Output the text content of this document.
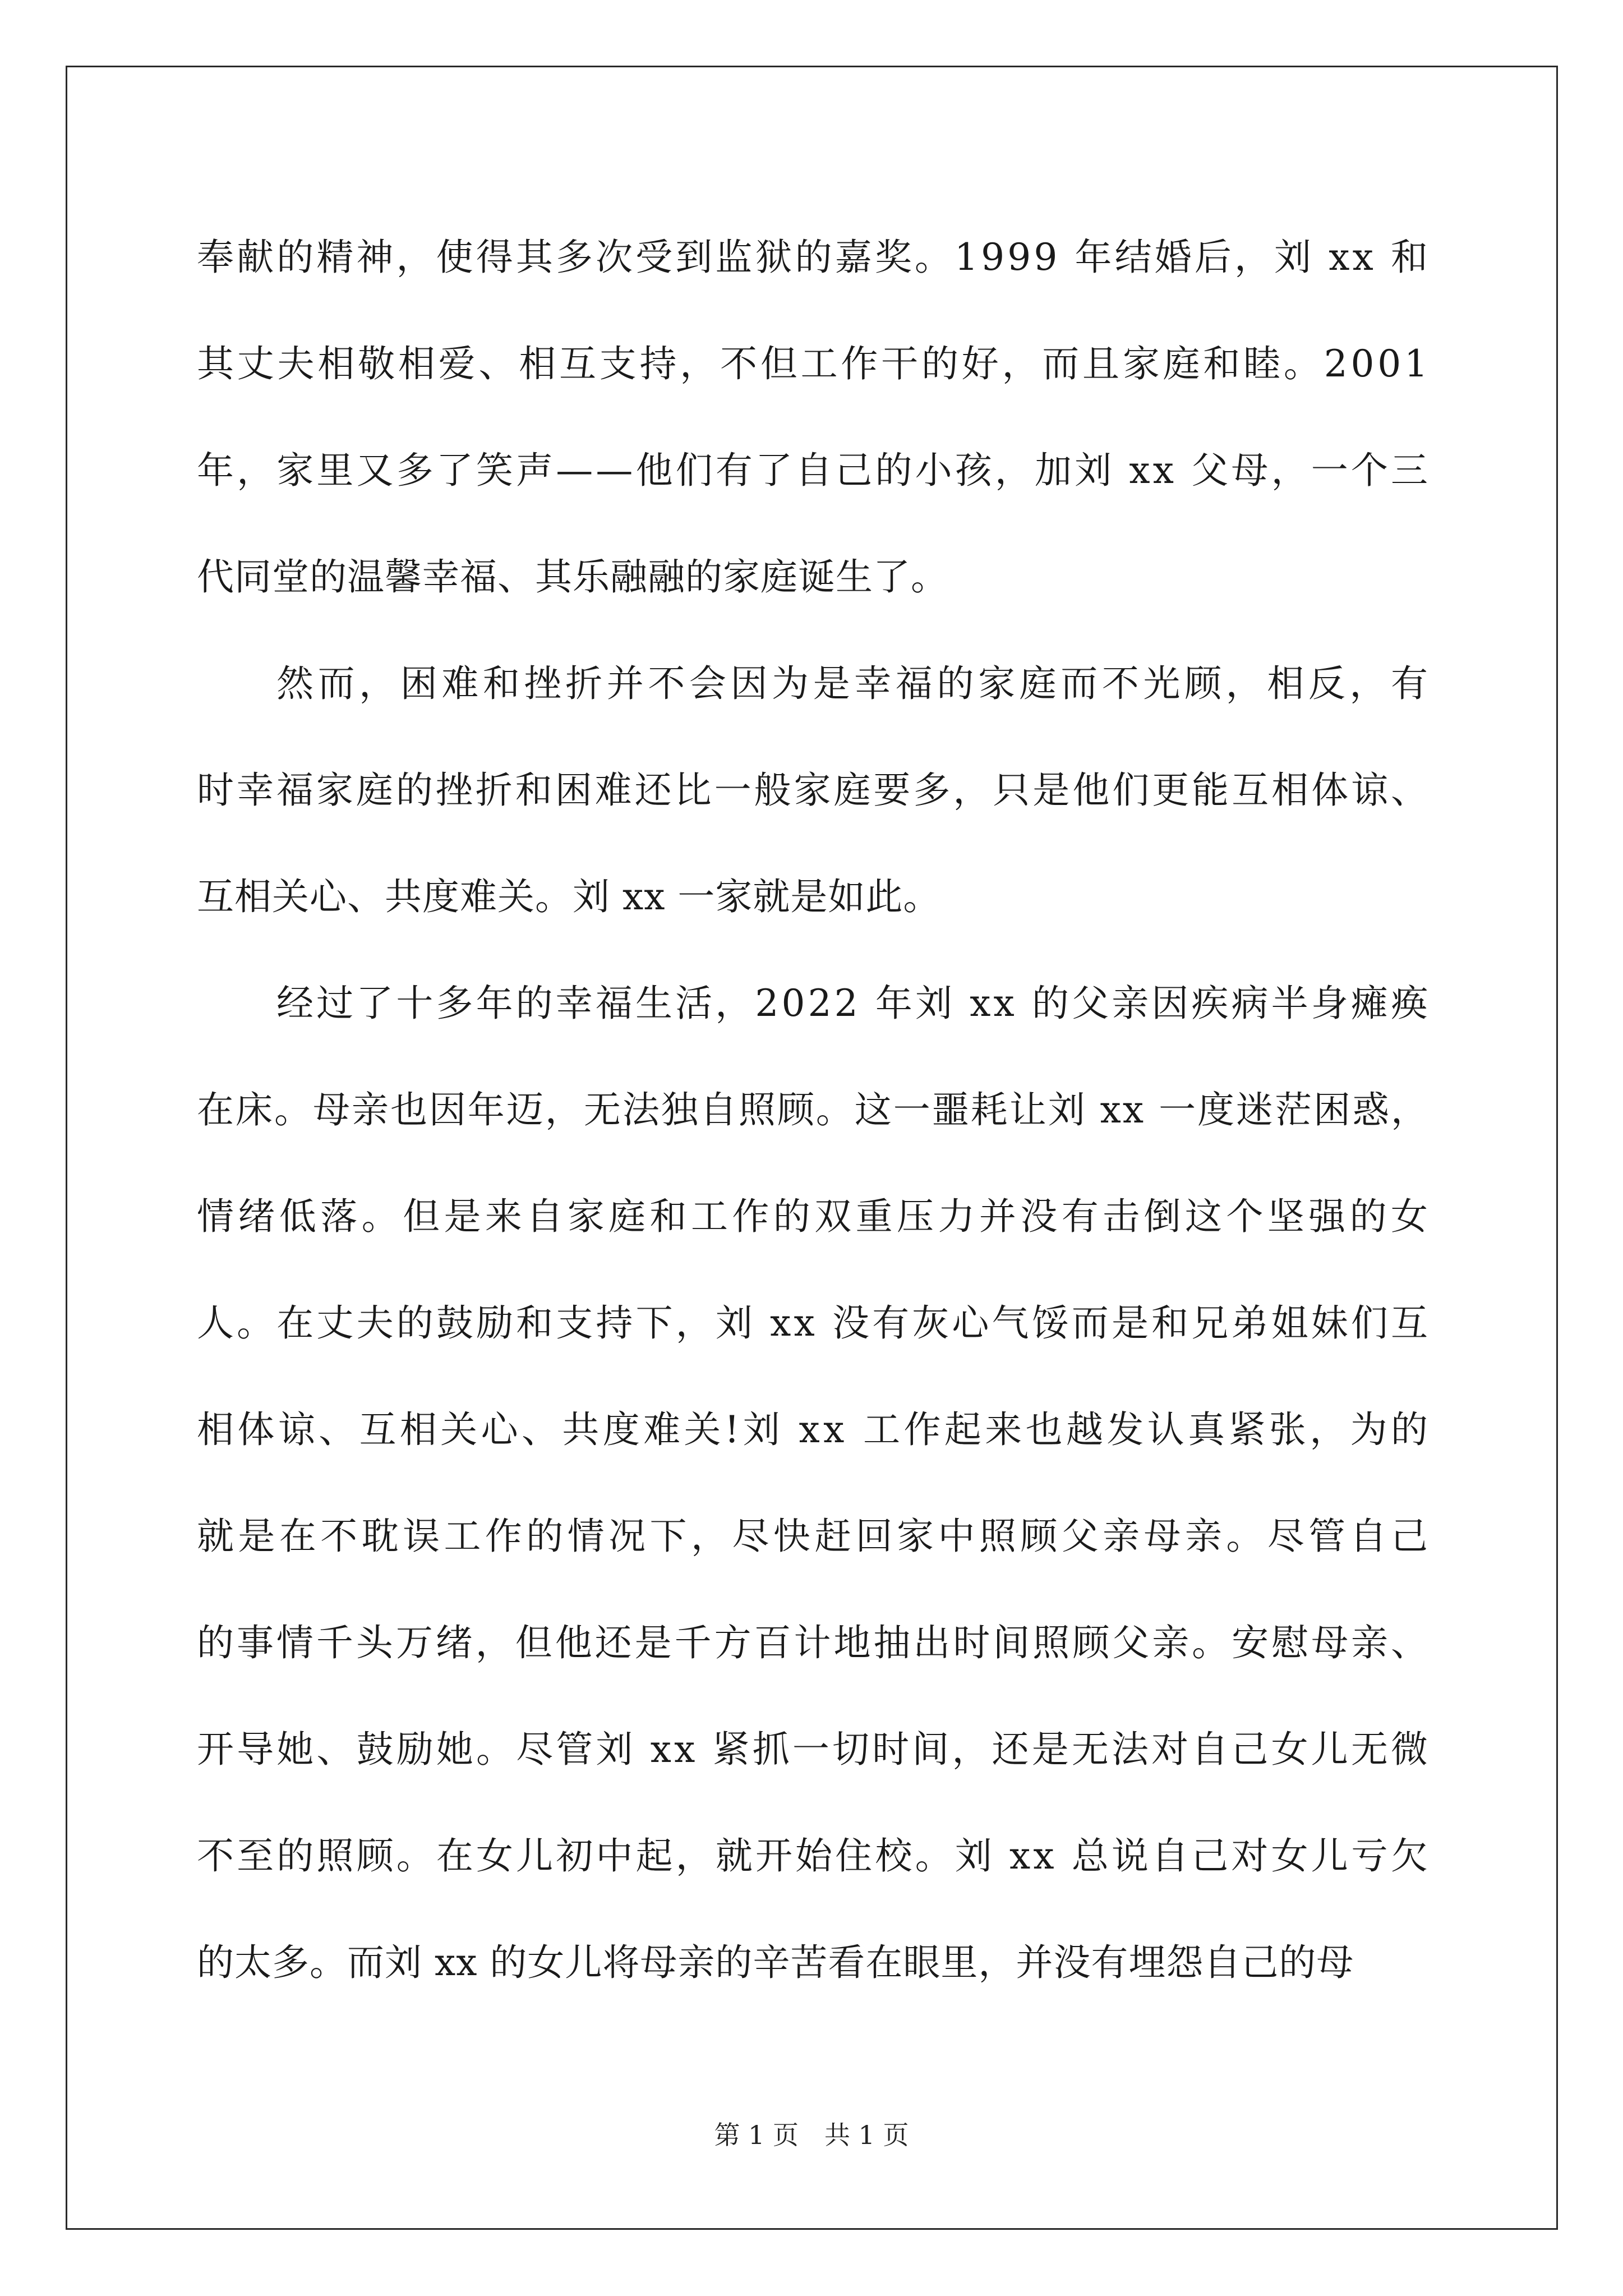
奉献的精神，使得其多次受到监狱的嘉奖。1999 年结婚后，刘 xx 和
其丈夫相敬相爱、相互支持，不但工作干的好，而且家庭和睦。2001
年，家里又多了笑声——他们有了自己的小孩，加刘 xx 父母，一个三
代同堂的温馨幸福、其乐融融的家庭诞生了。
然而，困难和挫折并不会因为是幸福的家庭而不光顾，相反，有
时幸福家庭的挫折和困难还比一般家庭要多，只是他们更能互相体谅、
互相关心、共度难关。刘 xx 一家就是如此。
经过了十多年的幸福生活，2022 年刘 xx 的父亲因疾病半身瘫痪
在床。母亲也因年迈，无法独自照顾。这一噩耗让刘 xx 一度迷茫困惑，
情绪低落。但是来自家庭和工作的双重压力并没有击倒这个坚强的女
人。在丈夫的鼓励和支持下，刘 xx 没有灰心气馁而是和兄弟姐妹们互
相体谅、互相关心、共度难关!刘 xx 工作起来也越发认真紧张，为的
就是在不耽误工作的情况下，尽快赶回家中照顾父亲母亲。尽管自己
的事情千头万绪，但他还是千方百计地抽出时间照顾父亲。安慰母亲、
开导她、鼓励她。尽管刘 xx 紧抓一切时间，还是无法对自己女儿无微
不至的照顾。在女儿初中起，就开始住校。刘 xx 总说自己对女儿亏欠
的太多。而刘 xx 的女儿将母亲的辛苦看在眼里，并没有埋怨自己的母
第 1 页　共 1 页
